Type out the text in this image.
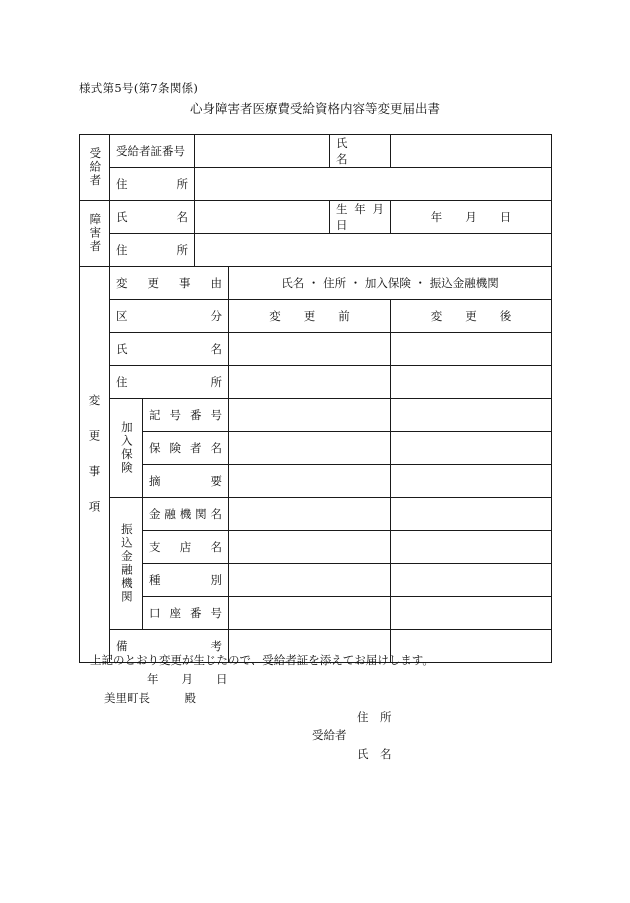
様式第5号(第7条関係)
心身障害者医療費受給資格内容等変更届出書
受給者	受給者証番号				氏　　　名	

	住　　　所					

障害者	氏　　　名				生 年 月 日	年　　月　　日

	住　　　所					

変更事項	変　更　事　由			氏名 ・ 住所 ・ 加入保険 ・ 振込金融機関		

	区　　　　分			変　　更　　前		変　　更　　後

	氏　　　　名					

	住　　　　所					

	加入保険	記 号 番 号				

		保 険 者 名				

		摘　　　要				

	振込金融機関	金融機関名				

		支　店　名				

		種　　　別				

		口 座 番 号				

	備　　　　考					

上記のとおり変更が生じたので、受給者証を添えてお届けします。
年　　月　　日
美里町長　　　殿
住　所
受給者
氏　名
